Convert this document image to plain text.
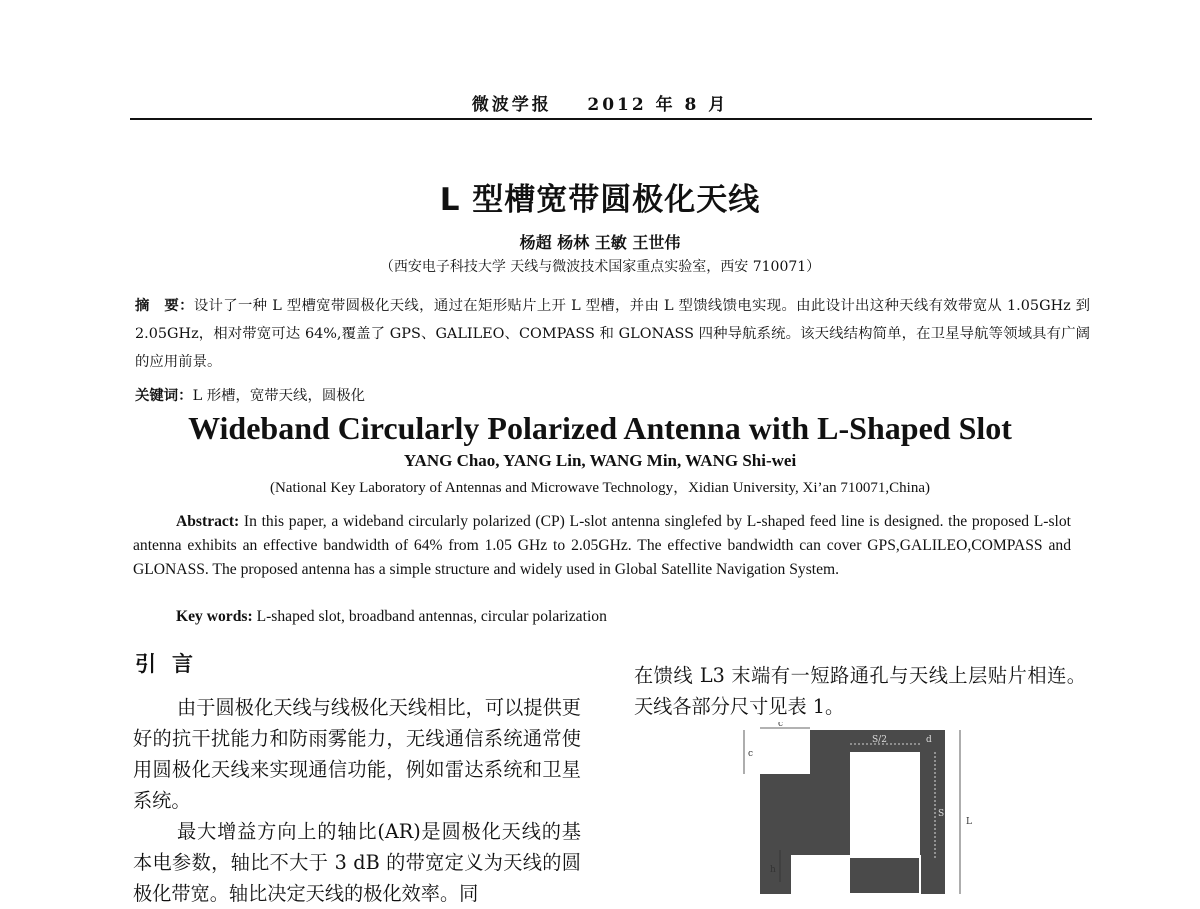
微波学报 2012 年 8 月
L 型槽宽带圆极化天线
杨超 杨林 王敏 王世伟
（西安电子科技大学 天线与微波技术国家重点实验室，西安 710071）
摘　要：设计了一种 L 型槽宽带圆极化天线，通过在矩形贴片上开 L 型槽，并由 L 型馈线馈电实现。由此设计出这种天线有效带宽从 1.05GHz 到 2.05GHz，相对带宽可达 64%,覆盖了 GPS、GALILEO、COMPASS 和 GLONASS 四种导航系统。该天线结构简单，在卫星导航等领域具有广阔的应用前景。
关键词：L 形槽，宽带天线，圆极化
Wideband Circularly Polarized Antenna with L-Shaped Slot
YANG Chao, YANG Lin, WANG Min, WANG Shi-wei
(National Key Laboratory of Antennas and Microwave Technology，Xidian University, Xi’an 710071,China)
Abstract: In this paper, a wideband circularly polarized (CP) L-slot antenna singlefed by L-shaped feed line is designed. the proposed L-slot antenna exhibits an effective bandwidth of 64% from 1.05 GHz to 2.05GHz. The effective bandwidth can cover GPS,GALILEO,COMPASS and GLONASS. The proposed antenna has a simple structure and widely used in Global Satellite Navigation System.
Key words: L-shaped slot, broadband antennas, circular polarization
引言

由于圆极化天线与线极化天线相比，可以提供更好的抗干扰能力和防雨雾能力，无线通信系统通常使用圆极化天线来实现通信功能，例如雷达系统和卫星系统。

最大增益方向上的轴比(AR)是圆极化天线的基本电参数，轴比不大于 3 dB 的带宽定义为天线的圆极化带宽。轴比决定天线的极化效率。同

在馈线 L3 末端有一短路通孔与天线上层贴片相连。天线各部分尺寸见表 1。

c
c
S/2	d
S
L
h
